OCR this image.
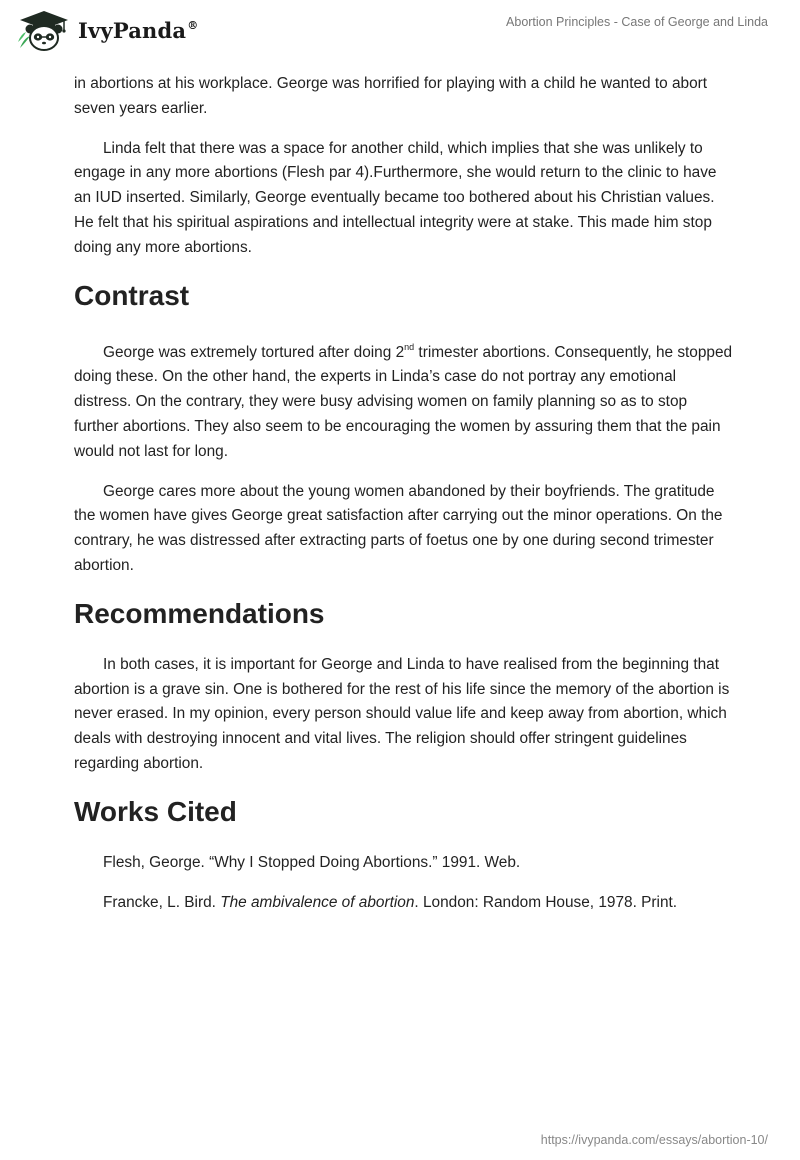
IvyPanda®	Abortion Principles - Case of George and Linda

in abortions at his workplace. George was horrified for playing with a child he wanted to abort seven years earlier.

Linda felt that there was a space for another child, which implies that she was unlikely to engage in any more abortions (Flesh par 4).Furthermore, she would return to the clinic to have an IUD inserted. Similarly, George eventually became too bothered about his Christian values. He felt that his spiritual aspirations and intellectual integrity were at stake. This made him stop doing any more abortions.

Contrast

George was extremely tortured after doing 2nd trimester abortions. Consequently, he stopped doing these. On the other hand, the experts in Linda’s case do not portray any emotional distress. On the contrary, they were busy advising women on family planning so as to stop further abortions. They also seem to be encouraging the women by assuring them that the pain would not last for long.

George cares more about the young women abandoned by their boyfriends. The gratitude the women have gives George great satisfaction after carrying out the minor operations. On the contrary, he was distressed after extracting parts of foetus one by one during second trimester abortion.

Recommendations

In both cases, it is important for George and Linda to have realised from the beginning that abortion is a grave sin. One is bothered for the rest of his life since the memory of the abortion is never erased. In my opinion, every person should value life and keep away from abortion, which deals with destroying innocent and vital lives. The religion should offer stringent guidelines regarding abortion.

Works Cited

Flesh, George. “Why I Stopped Doing Abortions.” 1991. Web.

Francke, L. Bird. The ambivalence of abortion. London: Random House, 1978. Print.

https://ivypanda.com/essays/abortion-10/
